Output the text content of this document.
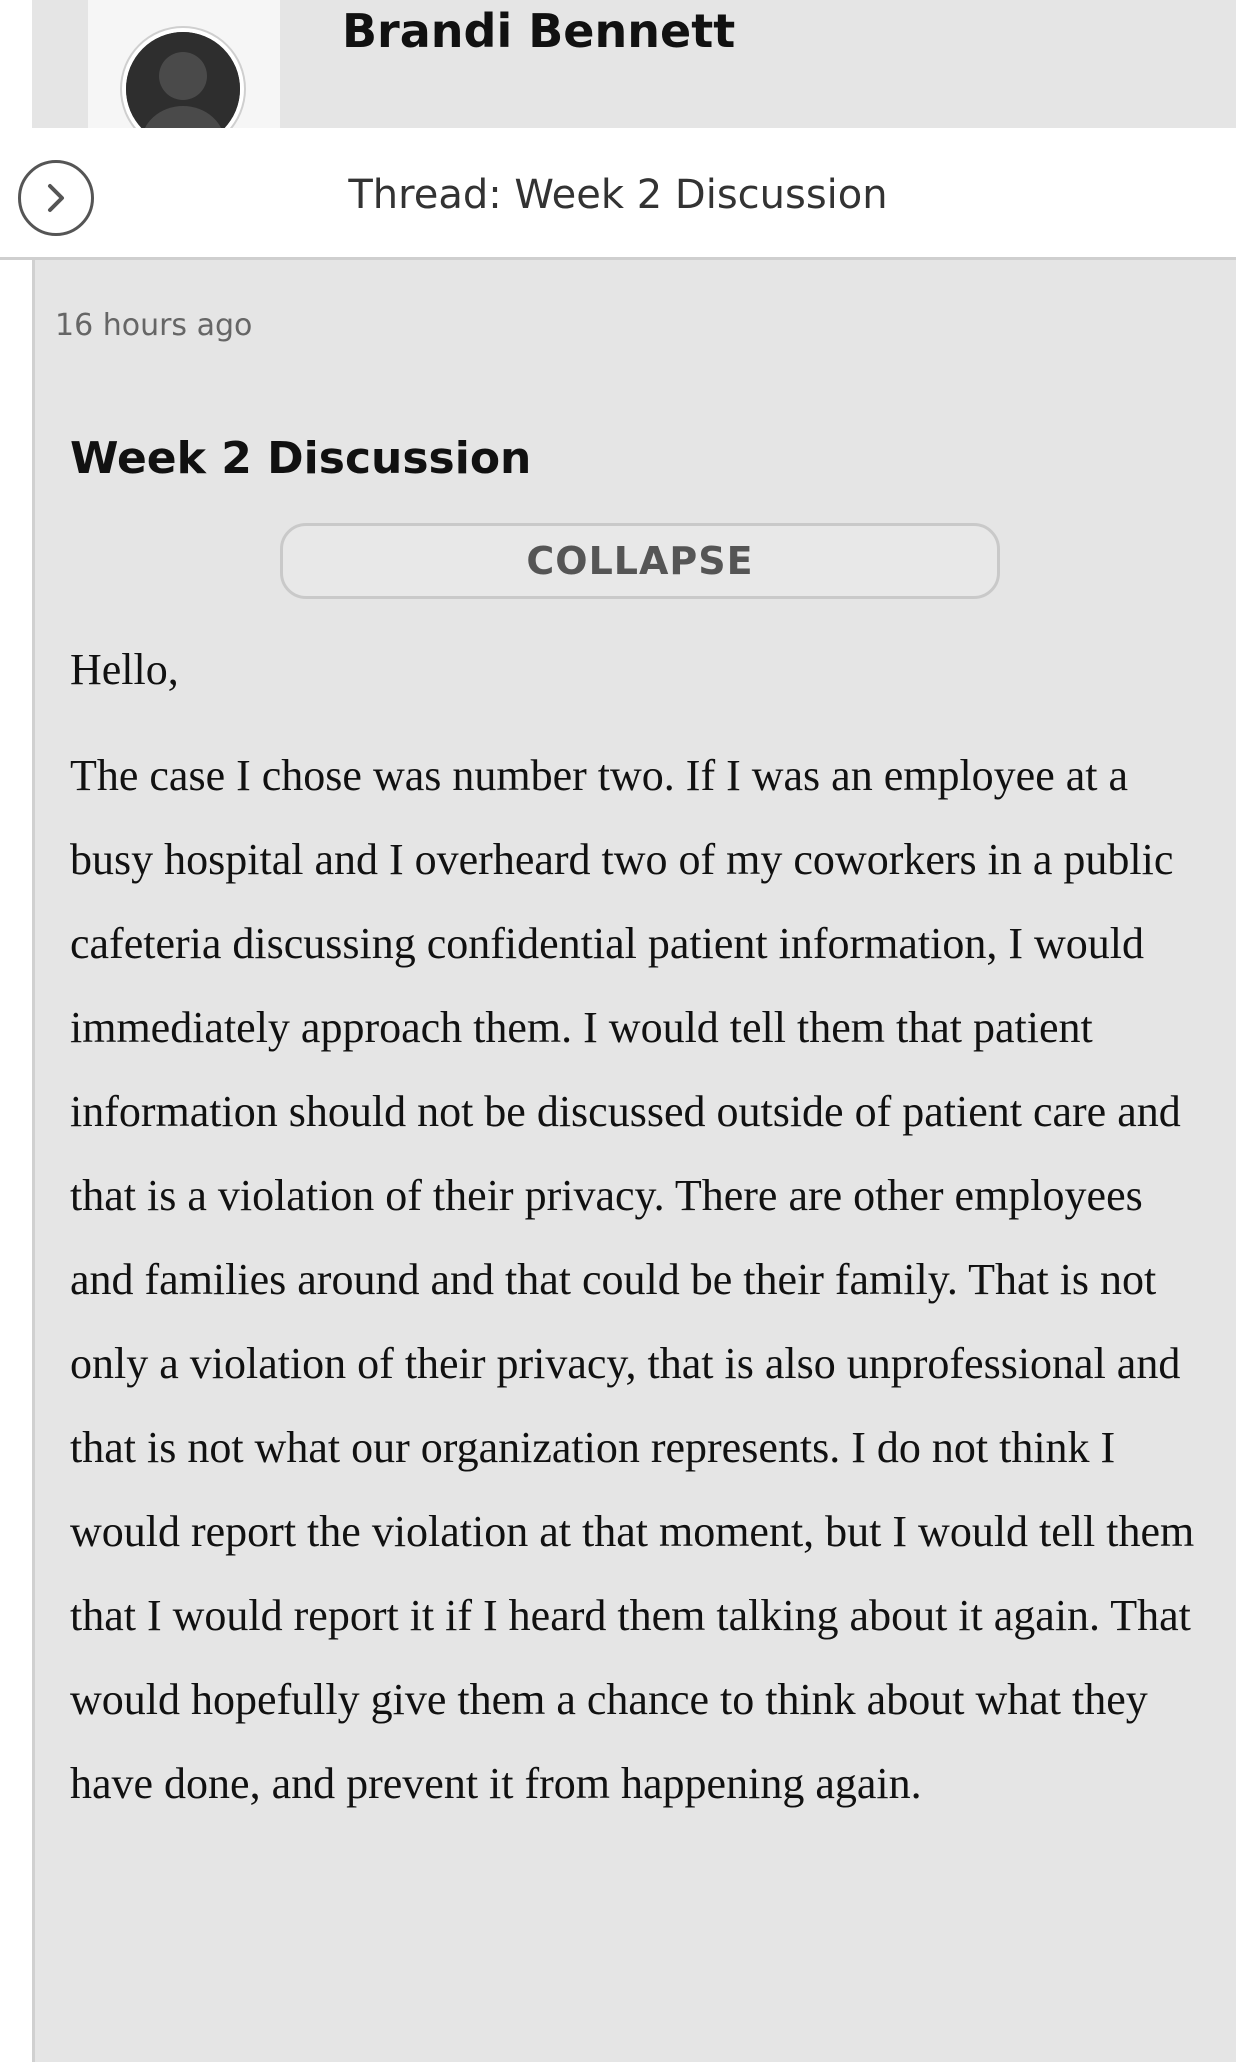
Brandi Bennett
Thread: Week 2 Discussion
16 hours ago
Week 2 Discussion
COLLAPSE

Hello,

The case I chose was number two. If I was an employee at a busy hospital and I overheard two of my coworkers in a public cafeteria discussing confidential patient information, I would immediately approach them. I would tell them that patient information should not be discussed outside of patient care and that is a violation of their privacy. There are other employees and families around and that could be their family. That is not only a violation of their privacy, that is also unprofessional and that is not what our organization represents. I do not think I would report the violation at that moment, but I would tell them that I would report it if I heard them talking about it again. That would hopefully give them a chance to think about what they have done, and prevent it from happening again.
